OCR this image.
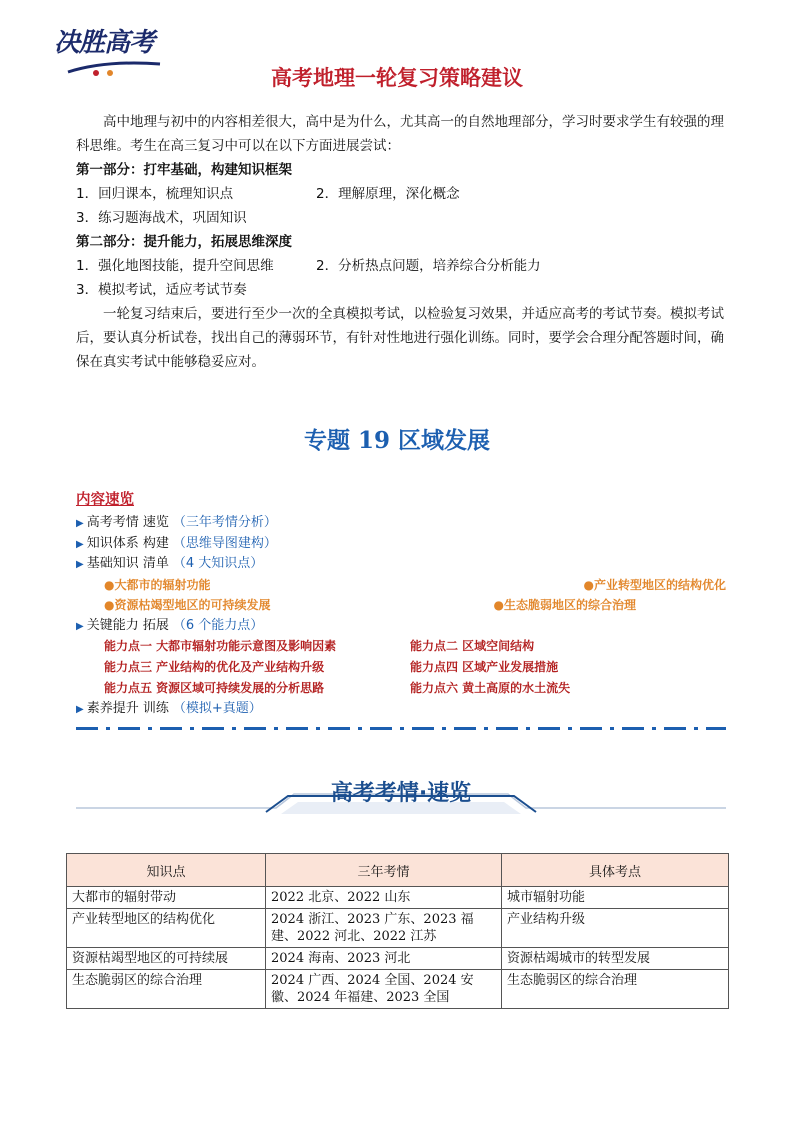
决胜高考
高考地理一轮复习策略建议

高中地理与初中的内容相差很大，高中是为什么，尤其高一的自然地理部分，学习时要求学生有较强的理科思维。考生在高三复习中可以在以下方面进展尝试：

第一部分：打牢基础，构建知识框架

1．回归课本，梳理知识点	2．理解原理，深化概念

3．练习题海战术，巩固知识

第二部分：提升能力，拓展思维深度

1．强化地图技能，提升空间思维	2．分析热点问题，培养综合分析能力

3．模拟考试，适应考试节奏

一轮复习结束后，要进行至少一次的全真模拟考试，以检验复习效果，并适应高考的考试节奏。模拟考试后，要认真分析试卷，找出自己的薄弱环节，有针对性地进行强化训练。同时，要学会合理分配答题时间，确保在真实考试中能够稳妥应对。

专题 19 区域发展
内容速览
▶ 高考考情 速览 （三年考情分析）
▶ 知识体系 构建 （思维导图建构）
▶ 基础知识 清单 （4 大知识点）
●大都市的辐射功能	●产业转型地区的结构优化
●资源枯竭型地区的可持续发展	●生态脆弱地区的综合治理
▶ 关键能力 拓展 （6 个能力点）
能力点一 大都市辐射功能示意图及影响因素	能力点二 区域空间结构
能力点三 产业结构的优化及产业结构升级	能力点四 区域产业发展措施
能力点五 资源区域可持续发展的分析思路	能力点六 黄土高原的水土流失
▶ 素养提升 训练 （模拟+真题）
高考考情·速览
知识点	三年考情	具体考点
大都市的辐射带动	2022 北京、2022 山东	城市辐射功能
产业转型地区的结构优化	2024 浙江、2023 广东、2023 福建、2022 河北、2022 江苏	产业结构升级
资源枯竭型地区的可持续展	2024 海南、2023 河北	资源枯竭城市的转型发展
生态脆弱区的综合治理	2024 广西、2024 全国、2024 安徽、2024 年福建、2023 全国	生态脆弱区的综合治理
